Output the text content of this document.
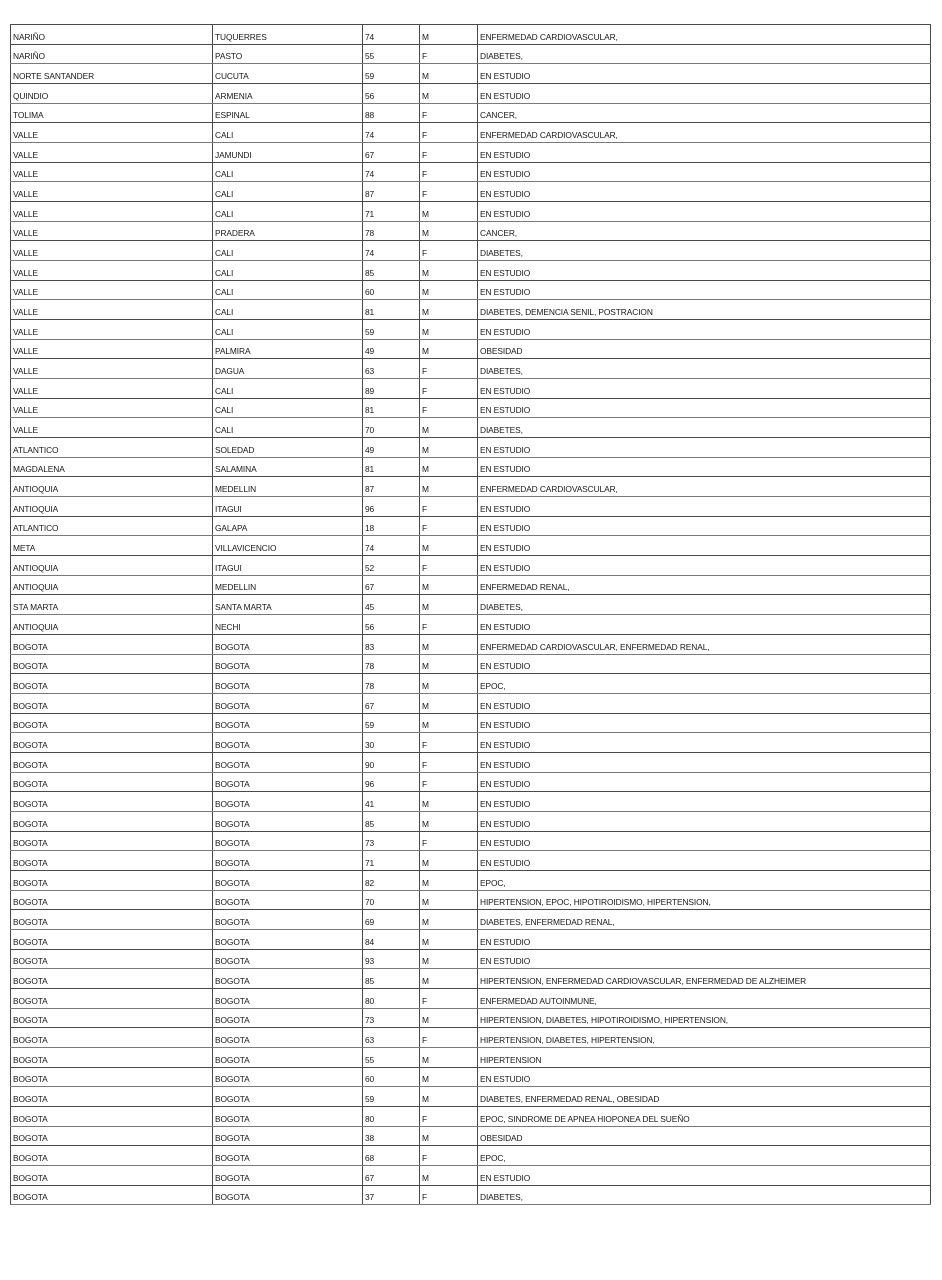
NARIÑO	TUQUERRES	74	M	ENFERMEDAD CARDIOVASCULAR,
NARIÑO	PASTO	55	F	DIABETES,
NORTE SANTANDER	CUCUTA	59	M	EN ESTUDIO
QUINDIO	ARMENIA	56	M	EN ESTUDIO
TOLIMA	ESPINAL	88	F	CANCER,
VALLE	CALI	74	F	ENFERMEDAD CARDIOVASCULAR,
VALLE	JAMUNDI	67	F	EN ESTUDIO
VALLE	CALI	74	F	EN ESTUDIO
VALLE	CALI	87	F	EN ESTUDIO
VALLE	CALI	71	M	EN ESTUDIO
VALLE	PRADERA	78	M	CANCER,
VALLE	CALI	74	F	DIABETES,
VALLE	CALI	85	M	EN ESTUDIO
VALLE	CALI	60	M	EN ESTUDIO
VALLE	CALI	81	M	DIABETES, DEMENCIA SENIL, POSTRACION
VALLE	CALI	59	M	EN ESTUDIO
VALLE	PALMIRA	49	M	OBESIDAD
VALLE	DAGUA	63	F	DIABETES,
VALLE	CALI	89	F	EN ESTUDIO
VALLE	CALI	81	F	EN ESTUDIO
VALLE	CALI	70	M	DIABETES,
ATLANTICO	SOLEDAD	49	M	EN ESTUDIO
MAGDALENA	SALAMINA	81	M	EN ESTUDIO
ANTIOQUIA	MEDELLIN	87	M	ENFERMEDAD CARDIOVASCULAR,
ANTIOQUIA	ITAGUI	96	F	EN ESTUDIO
ATLANTICO	GALAPA	18	F	EN ESTUDIO
META	VILLAVICENCIO	74	M	EN ESTUDIO
ANTIOQUIA	ITAGUI	52	F	EN ESTUDIO
ANTIOQUIA	MEDELLIN	67	M	ENFERMEDAD RENAL,
STA MARTA	SANTA MARTA	45	M	DIABETES,
ANTIOQUIA	NECHI	56	F	EN ESTUDIO
BOGOTA	BOGOTA	83	M	ENFERMEDAD CARDIOVASCULAR, ENFERMEDAD RENAL,
BOGOTA	BOGOTA	78	M	EN ESTUDIO
BOGOTA	BOGOTA	78	M	EPOC,
BOGOTA	BOGOTA	67	M	EN ESTUDIO
BOGOTA	BOGOTA	59	M	EN ESTUDIO
BOGOTA	BOGOTA	30	F	EN ESTUDIO
BOGOTA	BOGOTA	90	F	EN ESTUDIO
BOGOTA	BOGOTA	96	F	EN ESTUDIO
BOGOTA	BOGOTA	41	M	EN ESTUDIO
BOGOTA	BOGOTA	85	M	EN ESTUDIO
BOGOTA	BOGOTA	73	F	EN ESTUDIO
BOGOTA	BOGOTA	71	M	EN ESTUDIO
BOGOTA	BOGOTA	82	M	EPOC,
BOGOTA	BOGOTA	70	M	HIPERTENSION, EPOC, HIPOTIROIDISMO, HIPERTENSION,
BOGOTA	BOGOTA	69	M	DIABETES, ENFERMEDAD RENAL,
BOGOTA	BOGOTA	84	M	EN ESTUDIO
BOGOTA	BOGOTA	93	M	EN ESTUDIO
BOGOTA	BOGOTA	85	M	HIPERTENSION, ENFERMEDAD CARDIOVASCULAR, ENFERMEDAD DE ALZHEIMER
BOGOTA	BOGOTA	80	F	ENFERMEDAD AUTOINMUNE,
BOGOTA	BOGOTA	73	M	HIPERTENSION, DIABETES, HIPOTIROIDISMO, HIPERTENSION,
BOGOTA	BOGOTA	63	F	HIPERTENSION, DIABETES, HIPERTENSION,
BOGOTA	BOGOTA	55	M	HIPERTENSION
BOGOTA	BOGOTA	60	M	EN ESTUDIO
BOGOTA	BOGOTA	59	M	DIABETES, ENFERMEDAD RENAL, OBESIDAD
BOGOTA	BOGOTA	80	F	EPOC, SINDROME DE APNEA HIOPONEA DEL SUEÑO
BOGOTA	BOGOTA	38	M	OBESIDAD
BOGOTA	BOGOTA	68	F	EPOC,
BOGOTA	BOGOTA	67	M	EN ESTUDIO
BOGOTA	BOGOTA	37	F	DIABETES,
